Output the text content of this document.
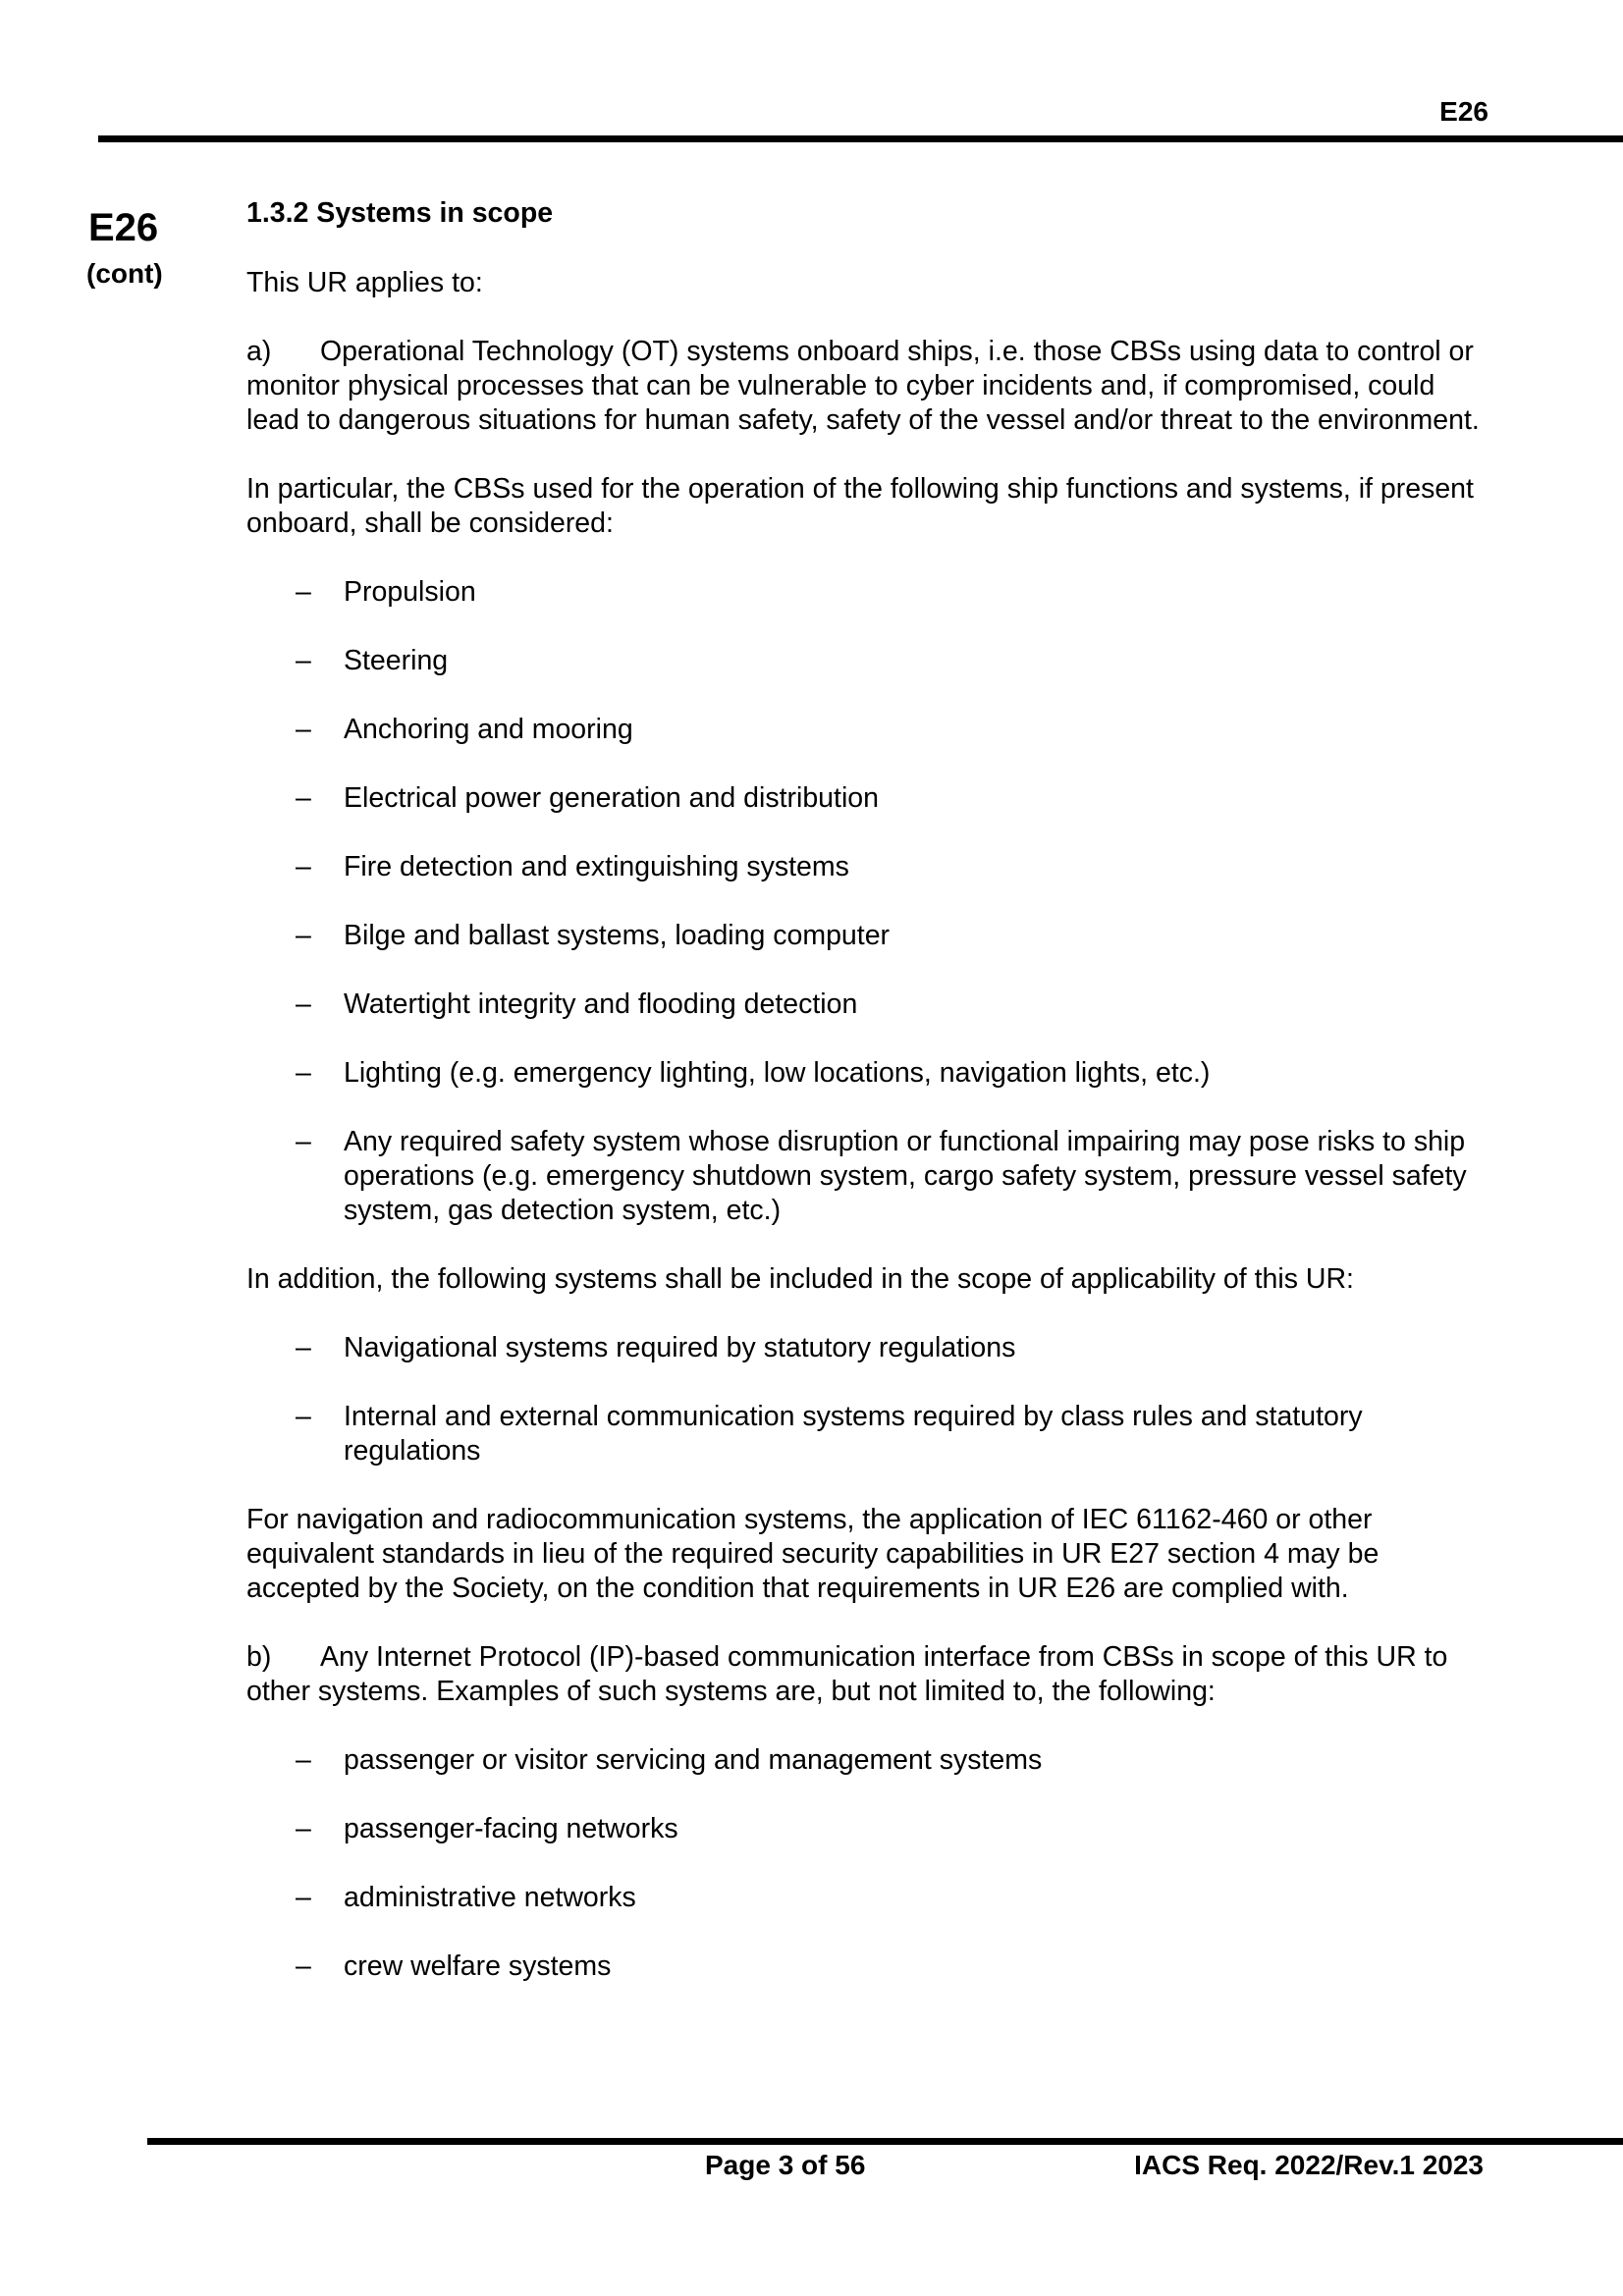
E26
E26
(cont)

1.3.2 Systems in scope

This UR applies to:

a) Operational Technology (OT) systems onboard ships, i.e. those CBSs using data to control or monitor physical processes that can be vulnerable to cyber incidents and, if compromised, could lead to dangerous situations for human safety, safety of the vessel and/or threat to the environment.

In particular, the CBSs used for the operation of the following ship functions and systems, if present onboard, shall be considered:

– Propulsion
– Steering
– Anchoring and mooring
– Electrical power generation and distribution
– Fire detection and extinguishing systems
– Bilge and ballast systems, loading computer
– Watertight integrity and flooding detection
– Lighting (e.g. emergency lighting, low locations, navigation lights, etc.)
– Any required safety system whose disruption or functional impairing may pose risks to ship operations (e.g. emergency shutdown system, cargo safety system, pressure vessel safety system, gas detection system, etc.)

In addition, the following systems shall be included in the scope of applicability of this UR:

– Navigational systems required by statutory regulations
– Internal and external communication systems required by class rules and statutory regulations

For navigation and radiocommunication systems, the application of IEC 61162-460 or other equivalent standards in lieu of the required security capabilities in UR E27 section 4 may be accepted by the Society, on the condition that requirements in UR E26 are complied with.

b) Any Internet Protocol (IP)-based communication interface from CBSs in scope of this UR to other systems. Examples of such systems are, but not limited to, the following:

– passenger or visitor servicing and management systems
– passenger-facing networks
– administrative networks
– crew welfare systems
Page 3 of 56	IACS Req. 2022/Rev.1 2023
